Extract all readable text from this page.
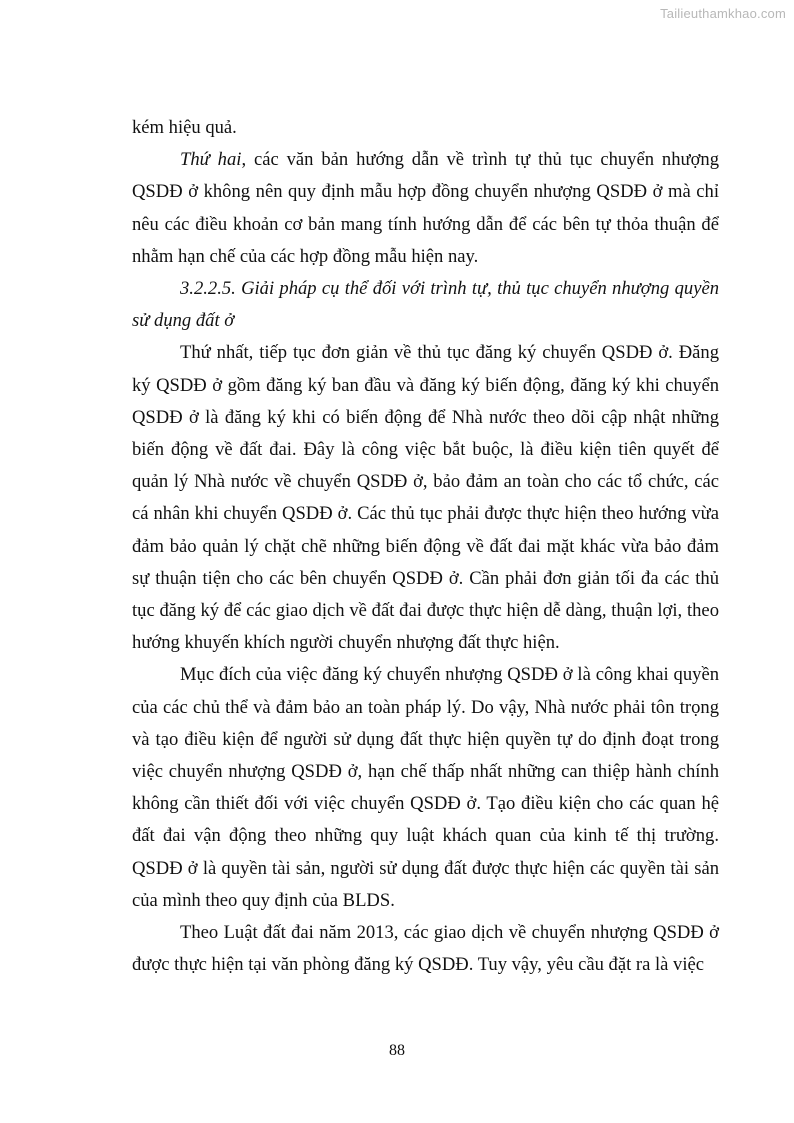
Tailieuthamkhao.com

kém hiệu quả.

Thứ hai, các văn bản hướng dẫn về trình tự thủ tục chuyển nhượng QSDĐ ở không nên quy định mẫu hợp đồng chuyển nhượng QSDĐ ở mà chỉ nêu các điều khoản cơ bản mang tính hướng dẫn để các bên tự thỏa thuận để nhằm hạn chế của các hợp đồng mẫu hiện nay.

3.2.2.5. Giải pháp cụ thể đối với trình tự, thủ tục chuyển nhượng quyền sử dụng đất ở

Thứ nhất, tiếp tục đơn giản về thủ tục đăng ký chuyển QSDĐ ở. Đăng ký QSDĐ ở gồm đăng ký ban đầu và đăng ký biến động, đăng ký khi chuyển QSDĐ ở là đăng ký khi có biến động để Nhà nước theo dõi cập nhật những biến động về đất đai. Đây là công việc bắt buộc, là điều kiện tiên quyết để quản lý Nhà nước về chuyển QSDĐ ở, bảo đảm an toàn cho các tổ chức, các cá nhân khi chuyển QSDĐ ở. Các thủ tục phải được thực hiện theo hướng vừa đảm bảo quản lý chặt chẽ những biến động về đất đai mặt khác vừa bảo đảm sự thuận tiện cho các bên chuyển QSDĐ ở. Cần phải đơn giản tối đa các thủ tục đăng ký để các giao dịch về đất đai được thực hiện dễ dàng, thuận lợi, theo hướng khuyến khích người chuyển nhượng đất thực hiện.

Mục đích của việc đăng ký chuyển nhượng QSDĐ ở là công khai quyền của các chủ thể và đảm bảo an toàn pháp lý. Do vậy, Nhà nước phải tôn trọng và tạo điều kiện để người sử dụng đất thực hiện quyền tự do định đoạt trong việc chuyển nhượng QSDĐ ở, hạn chế thấp nhất những can thiệp hành chính không cần thiết đối với việc chuyển QSDĐ ở. Tạo điều kiện cho các quan hệ đất đai vận động theo những quy luật khách quan của kinh tế thị trường. QSDĐ ở là quyền tài sản, người sử dụng đất được thực hiện các quyền tài sản của mình theo quy định của BLDS.

Theo Luật đất đai năm 2013, các giao dịch về chuyển nhượng QSDĐ ở được thực hiện tại văn phòng đăng ký QSDĐ. Tuy vậy, yêu cầu đặt ra là việc

88
